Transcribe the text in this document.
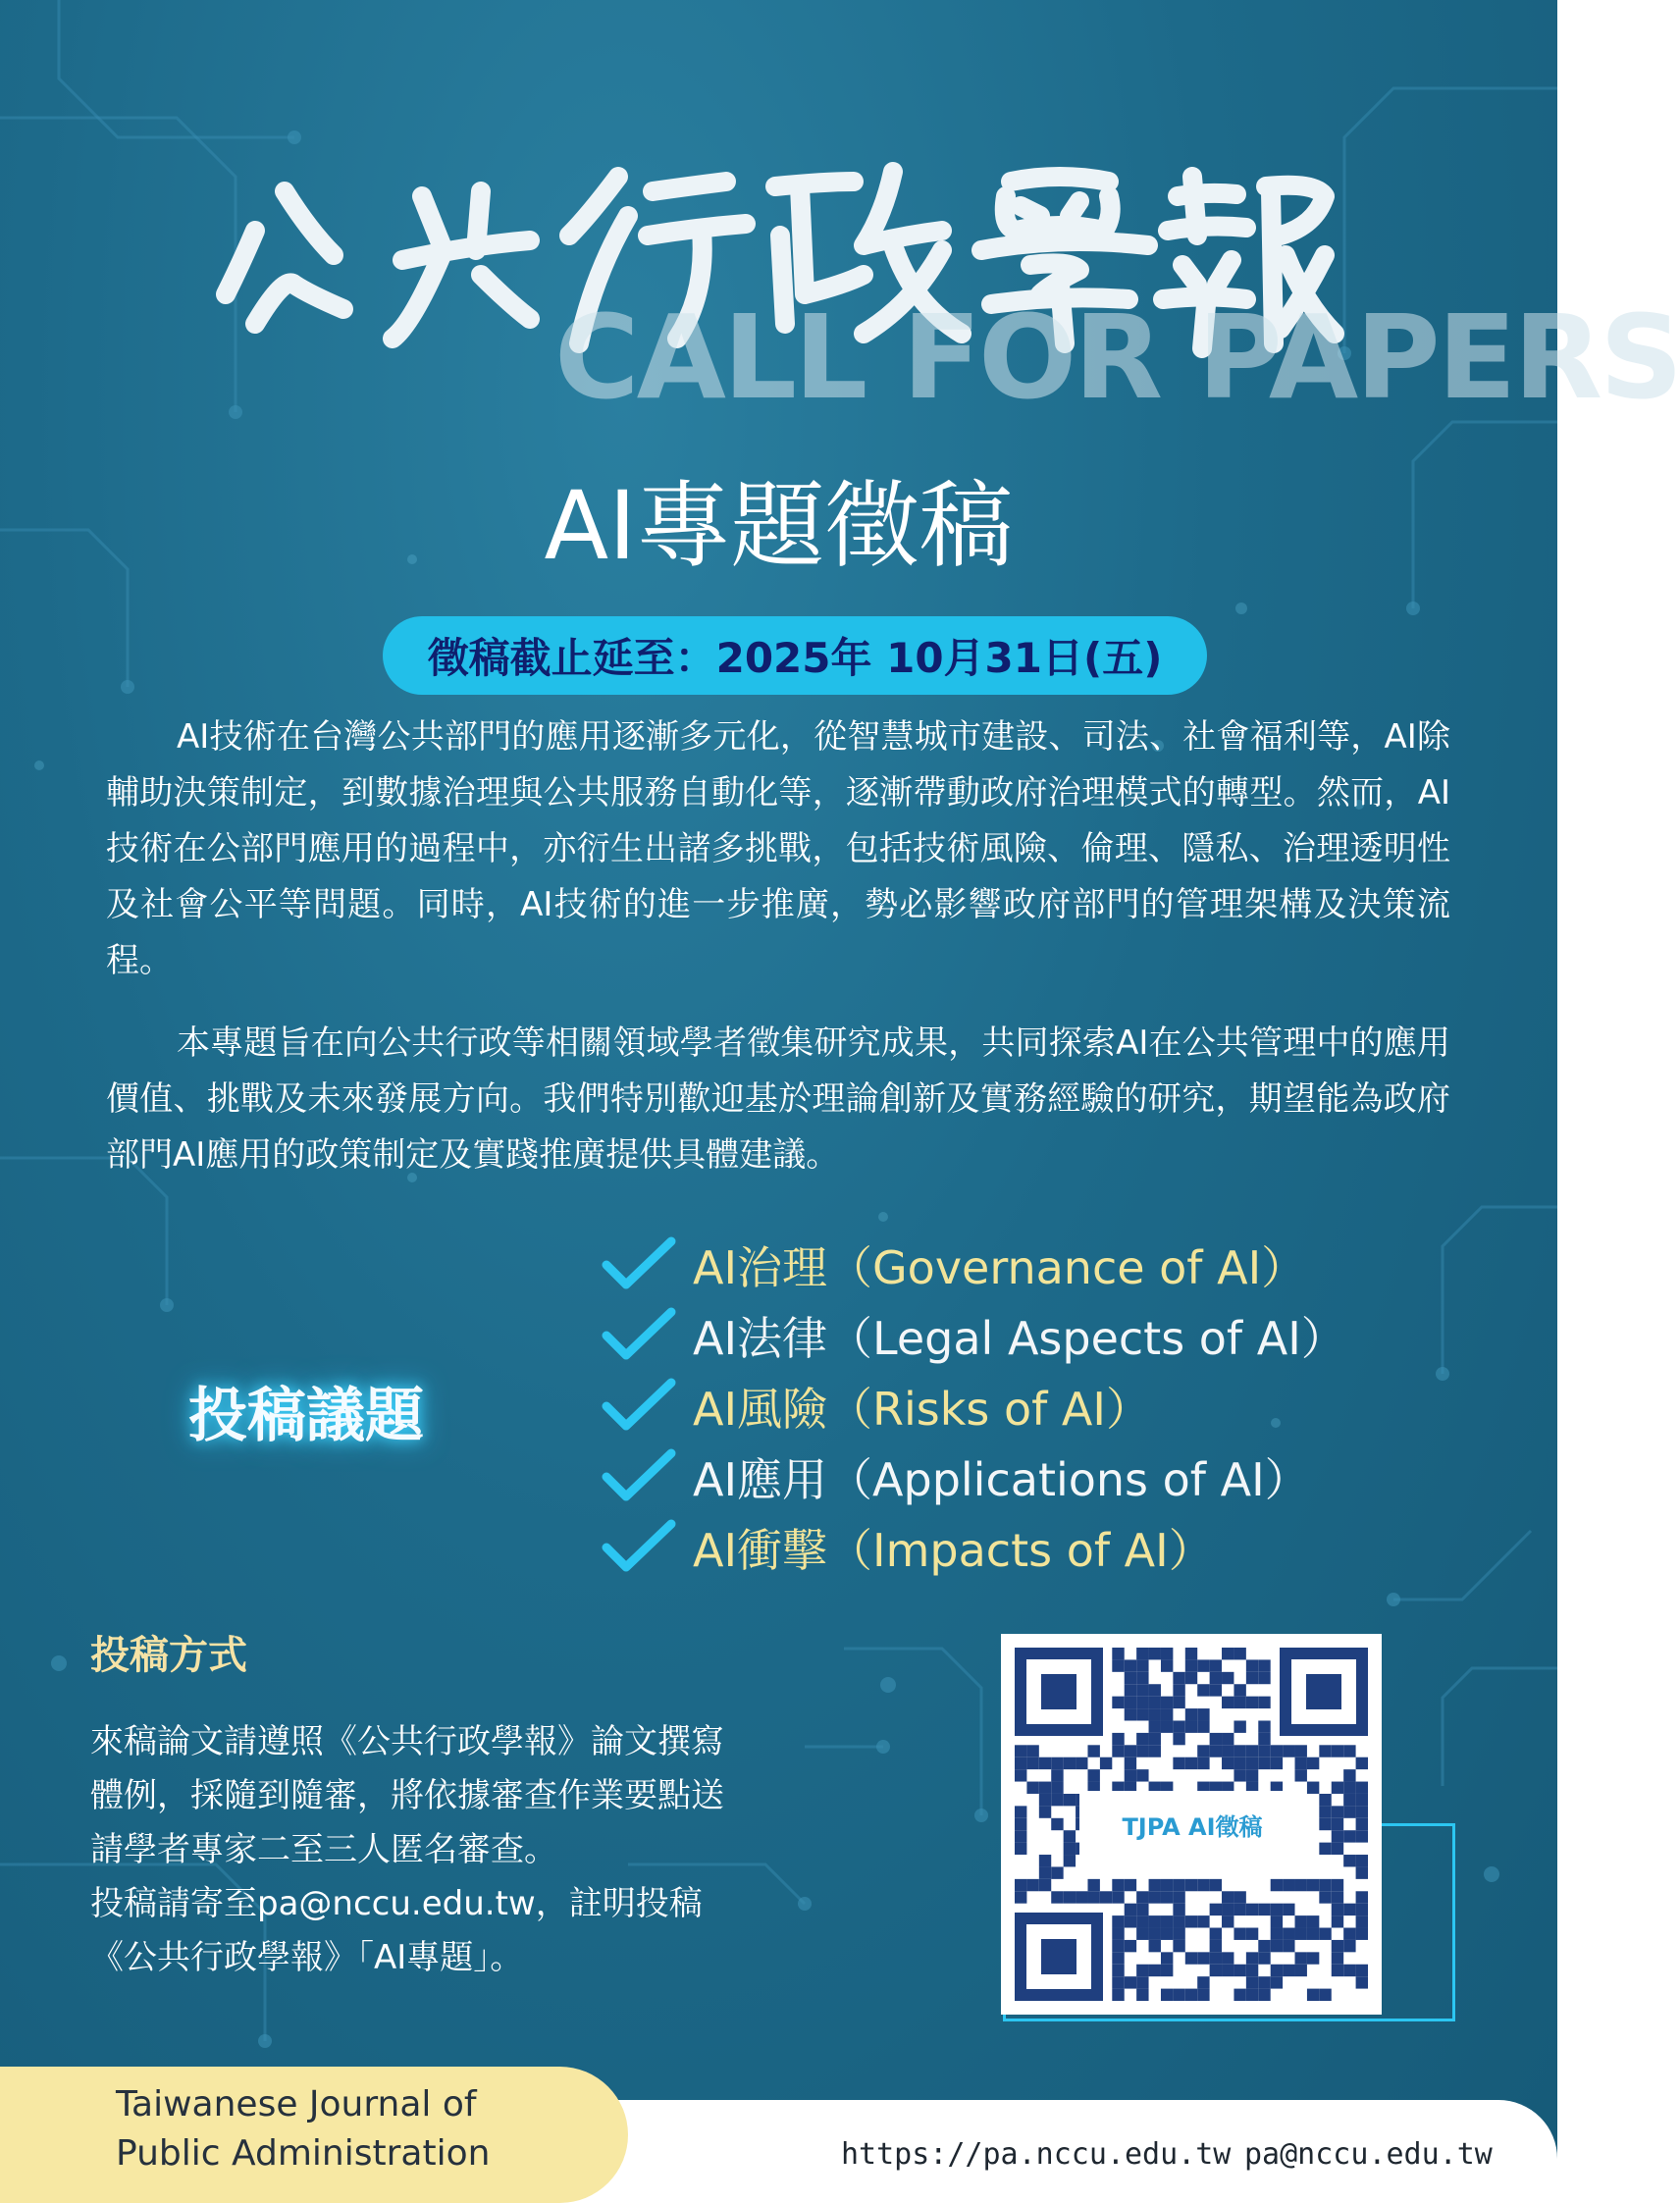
CALL FOR PAPERS
AI專題徵稿
徵稿截止延至：2025年 10月31日(五)

AI技術在台灣公共部門的應用逐漸多元化，從智慧城市建設、司法、社會福利等，AI除輔助決策制定，到數據治理與公共服務自動化等，逐漸帶動政府治理模式的轉型。然而，AI技術在公部門應用的過程中，亦衍生出諸多挑戰，包括技術風險、倫理、隱私、治理透明性及社會公平等問題。同時，AI技術的進一步推廣，勢必影響政府部門的管理架構及決策流程。

本專題旨在向公共行政等相關領域學者徵集研究成果，共同探索AI在公共管理中的應用價值、挑戰及未來發展方向。我們特別歡迎基於理論創新及實務經驗的研究，期望能為政府部門AI應用的政策制定及實踐推廣提供具體建議。

投稿議題
AI治理（Governance of AI）
AI法律（Legal Aspects of AI）
AI風險（Risks of AI）
AI應用（Applications of AI）
AI衝擊（Impacts of AI）
投稿方式
來稿論文請遵照《公共行政學報》論文撰寫
體例，採隨到隨審，將依據審查作業要點送
請學者專家二至三人匿名審查。
投稿請寄至pa@nccu.edu.tw，註明投稿
《公共行政學報》「AI專題」。
TJPA AI徵稿
Taiwanese Journal of
Public Administration	https://pa.nccu.edu.tw pa@nccu.edu.tw
